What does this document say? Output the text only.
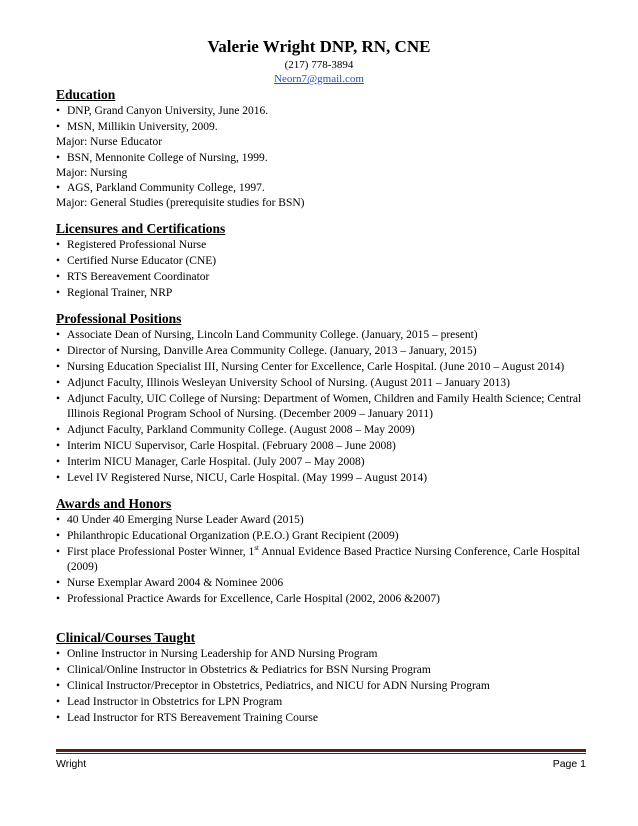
Valerie Wright DNP, RN, CNE
(217) 778-3894
Neorn7@gmail.com
Education
• DNP, Grand Canyon University, June 2016.
• MSN, Millikin University, 2009.
Major: Nurse Educator
• BSN, Mennonite College of Nursing, 1999.
Major: Nursing
• AGS, Parkland Community College, 1997.
Major: General Studies (prerequisite studies for BSN)
Licensures and Certifications
• Registered Professional Nurse
• Certified Nurse Educator (CNE)
• RTS Bereavement Coordinator
• Regional Trainer, NRP
Professional Positions
• Associate Dean of Nursing, Lincoln Land Community College. (January, 2015 – present)
• Director of Nursing, Danville Area Community College. (January, 2013 – January, 2015)
• Nursing Education Specialist III, Nursing Center for Excellence, Carle Hospital. (June 2010 – August 2014)
• Adjunct Faculty, Illinois Wesleyan University School of Nursing. (August 2011 – January 2013)
• Adjunct Faculty, UIC College of Nursing: Department of Women, Children and Family Health Science; Central Illinois Regional Program School of Nursing. (December 2009 – January 2011)
• Adjunct Faculty, Parkland Community College. (August 2008 – May 2009)
• Interim NICU Supervisor, Carle Hospital. (February 2008 – June 2008)
• Interim NICU Manager, Carle Hospital. (July 2007 – May 2008)
• Level IV Registered Nurse, NICU, Carle Hospital. (May 1999 – August 2014)
Awards and Honors
• 40 Under 40 Emerging Nurse Leader Award (2015)
• Philanthropic Educational Organization (P.E.O.) Grant Recipient (2009)
• First place Professional Poster Winner, 1st Annual Evidence Based Practice Nursing Conference, Carle Hospital (2009)
• Nurse Exemplar Award 2004 & Nominee 2006
• Professional Practice Awards for Excellence, Carle Hospital (2002, 2006 &2007)
Clinical/Courses Taught
• Online Instructor in Nursing Leadership for AND Nursing Program
• Clinical/Online Instructor in Obstetrics & Pediatrics for BSN Nursing Program
• Clinical Instructor/Preceptor in Obstetrics, Pediatrics, and NICU for ADN Nursing Program
• Lead Instructor in Obstetrics for LPN Program
• Lead Instructor for RTS Bereavement Training Course
Wright	Page 1
